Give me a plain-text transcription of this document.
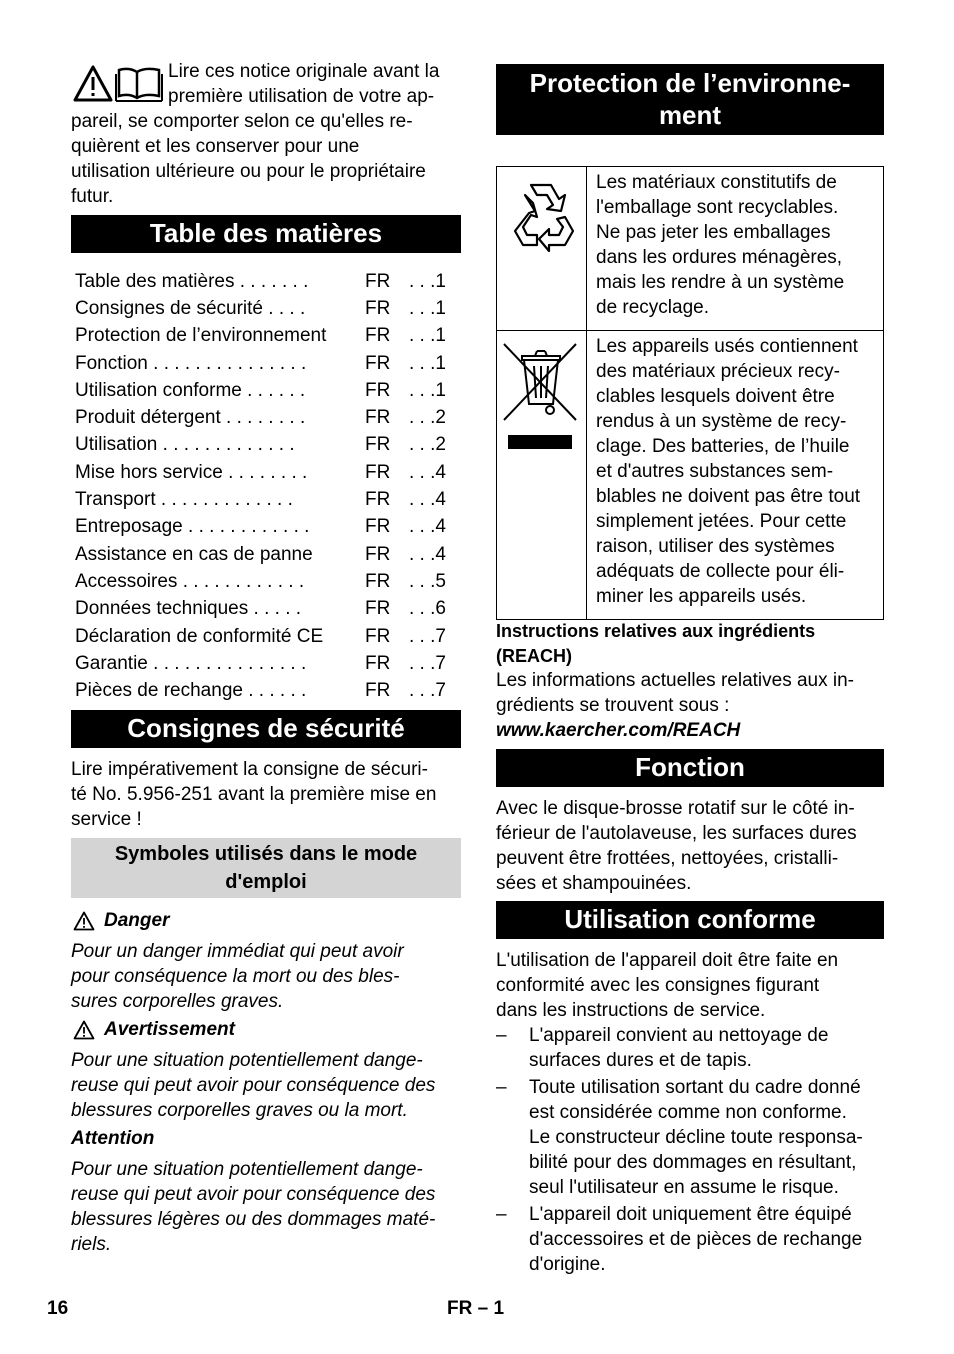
Lire ces notice originale avant la
première utilisation de votre ap-
pareil, se comporter selon ce qu'elles re-
quièrent et les conserver pour une
utilisation ultérieure ou pour le propriétaire
futur.
Table des matières
Table des matières . . . . . . .	FR	. . .1
Consignes de sécurité . . . .	FR	. . .1
Protection de l’environnement	FR	. . .1
Fonction . . . . . . . . . . . . . . .	FR	. . .1
Utilisation conforme . . . . . .	FR	. . .1
Produit détergent . . . . . . . .	FR	. . .2
Utilisation . . . . . . . . . . . . .	FR	. . .2
Mise hors service . . . . . . . .	FR	. . .4
Transport . . . . . . . . . . . . .	FR	. . .4
Entreposage . . . . . . . . . . . .	FR	. . .4
Assistance en cas de panne	FR	. . .4
Accessoires . . . . . . . . . . . .	FR	. . .5
Données techniques . . . . .	FR	. . .6
Déclaration de conformité CE	FR	. . .7
Garantie . . . . . . . . . . . . . . .	FR	. . .7
Pièces de rechange . . . . . .	FR	. . .7
Consignes de sécurité
Lire impérativement la consigne de sécuri-
té No. 5.956-251 avant la première mise en
service !
Symboles utilisés dans le mode
d'emploi
Danger
Pour un danger immédiat qui peut avoir
pour conséquence la mort ou des bles-
sures corporelles graves.
Avertissement
Pour une situation potentiellement dange-
reuse qui peut avoir pour conséquence des
blessures corporelles graves ou la mort.
Attention
Pour une situation potentiellement dange-
reuse qui peut avoir pour conséquence des
blessures légères ou des dommages maté-
riels.
Protection de l’environne-
ment
Les matériaux constitutifs de
l'emballage sont recyclables.
Ne pas jeter les emballages
dans les ordures ménagères,
mais les rendre à un système
de recyclage.
Les appareils usés contiennent
des matériaux précieux recy-
clables lesquels doivent être
rendus à un système de recy-
clage. Des batteries, de l’huile
et d'autres substances sem-
blables ne doivent pas être tout
simplement jetées. Pour cette
raison, utiliser des systèmes
adéquats de collecte pour éli-
miner les appareils usés.
Instructions relatives aux ingrédients
(REACH)
Les informations actuelles relatives aux in-
grédients se trouvent sous :
www.kaercher.com/REACH
Fonction
Avec le disque-brosse rotatif sur le côté in-
férieur de l'autolaveuse, les surfaces dures
peuvent être frottées, nettoyées, cristalli-
sées et shampouinées.
Utilisation conforme
L'utilisation de l'appareil doit être faite en
conformité avec les consignes figurant
dans les instructions de service.
– L'appareil convient au nettoyage de
surfaces dures et de tapis.
– Toute utilisation sortant du cadre donné
est considérée comme non conforme.
Le constructeur décline toute responsa-
bilité pour des dommages en résultant,
seul l'utilisateur en assume le risque.
– L'appareil doit uniquement être équipé
d'accessoires et de pièces de rechange
d'origine.
16	FR – 1
